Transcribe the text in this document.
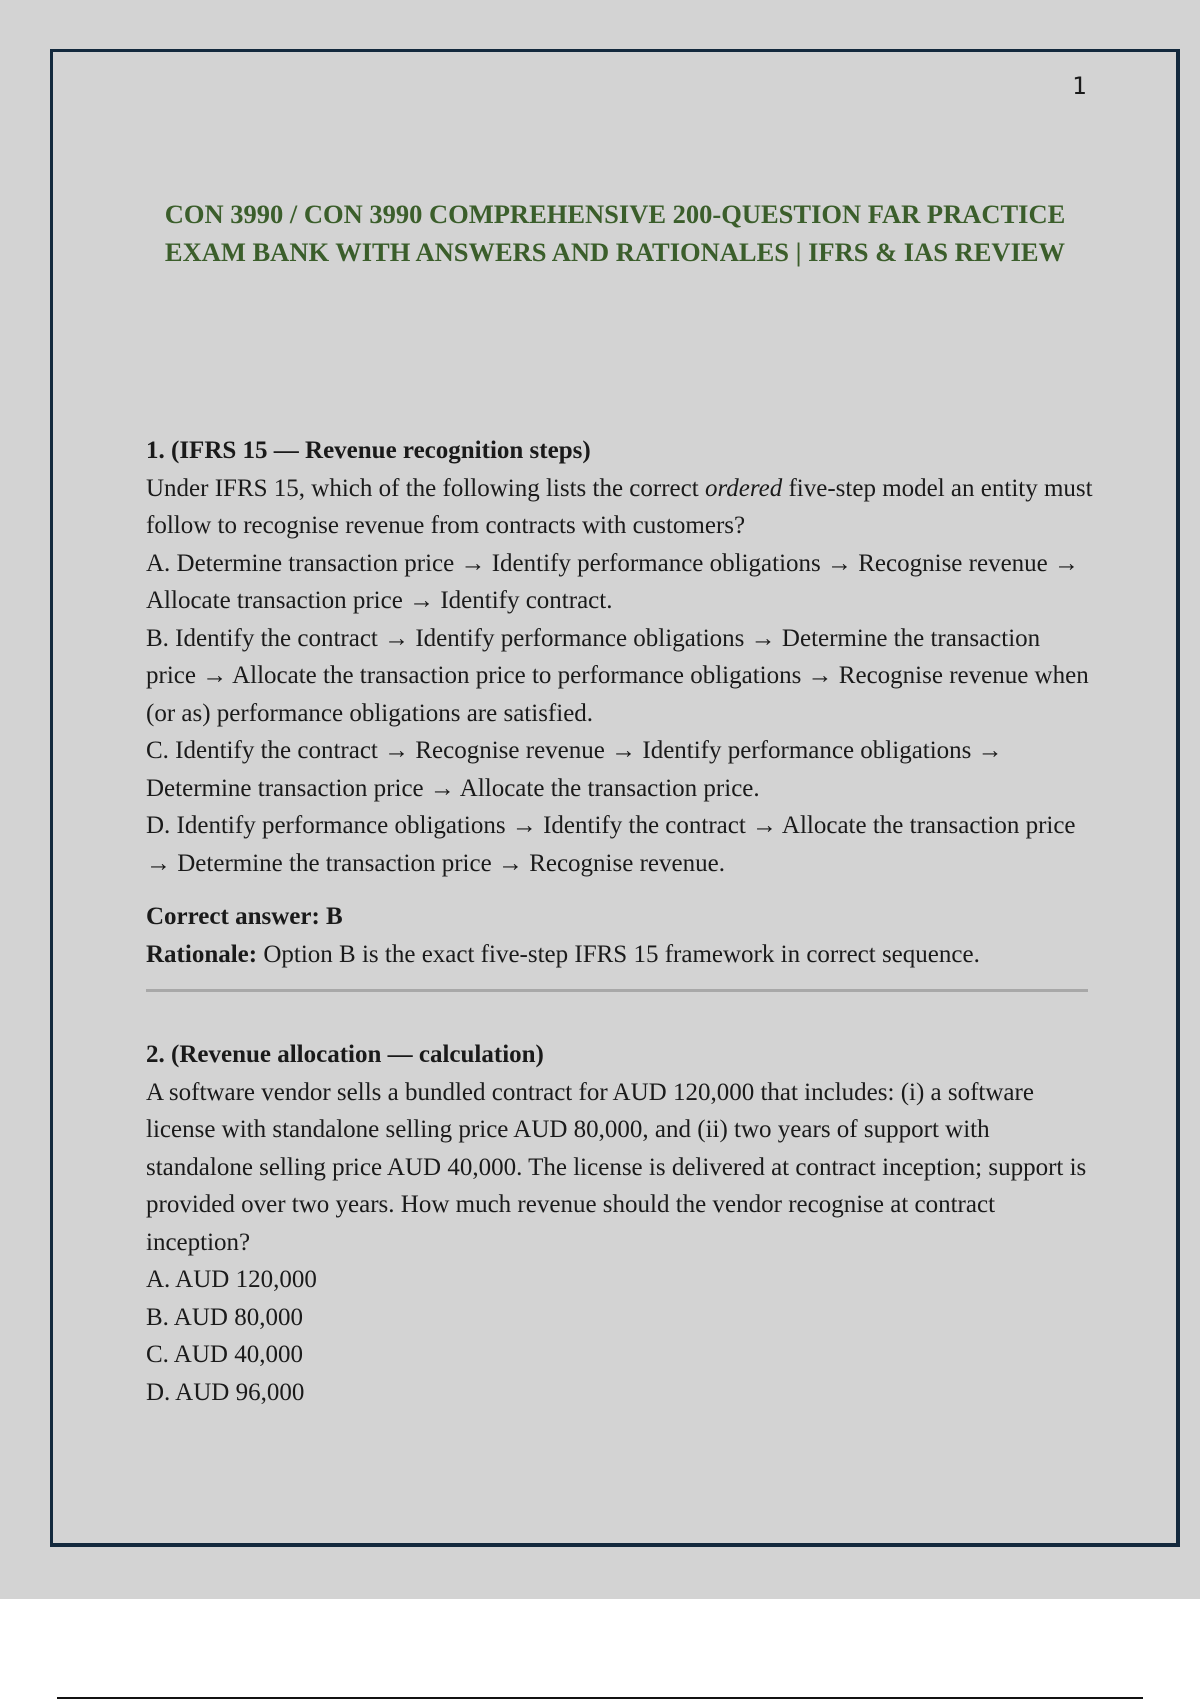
1
CON 3990 / CON 3990 COMPREHENSIVE 200-QUESTION FAR PRACTICE EXAM BANK WITH ANSWERS AND RATIONALES | IFRS & IAS REVIEW

1. (IFRS 15 — Revenue recognition steps)

Under IFRS 15, which of the following lists the correct ordered five-step model an entity must follow to recognise revenue from contracts with customers?

A. Determine transaction price → Identify performance obligations → Recognise revenue → Allocate transaction price → Identify contract.

B. Identify the contract → Identify performance obligations → Determine the transaction price → Allocate the transaction price to performance obligations → Recognise revenue when (or as) performance obligations are satisfied.

C. Identify the contract → Recognise revenue → Identify performance obligations → Determine transaction price → Allocate the transaction price.

D. Identify performance obligations → Identify the contract → Allocate the transaction price → Determine the transaction price → Recognise revenue.

Correct answer: B

Rationale: Option B is the exact five-step IFRS 15 framework in correct sequence.

2. (Revenue allocation — calculation)

A software vendor sells a bundled contract for AUD 120,000 that includes: (i) a software license with standalone selling price AUD 80,000, and (ii) two years of support with standalone selling price AUD 40,000. The license is delivered at contract inception; support is provided over two years. How much revenue should the vendor recognise at contract inception?

A. AUD 120,000

B. AUD 80,000

C. AUD 40,000

D. AUD 96,000
